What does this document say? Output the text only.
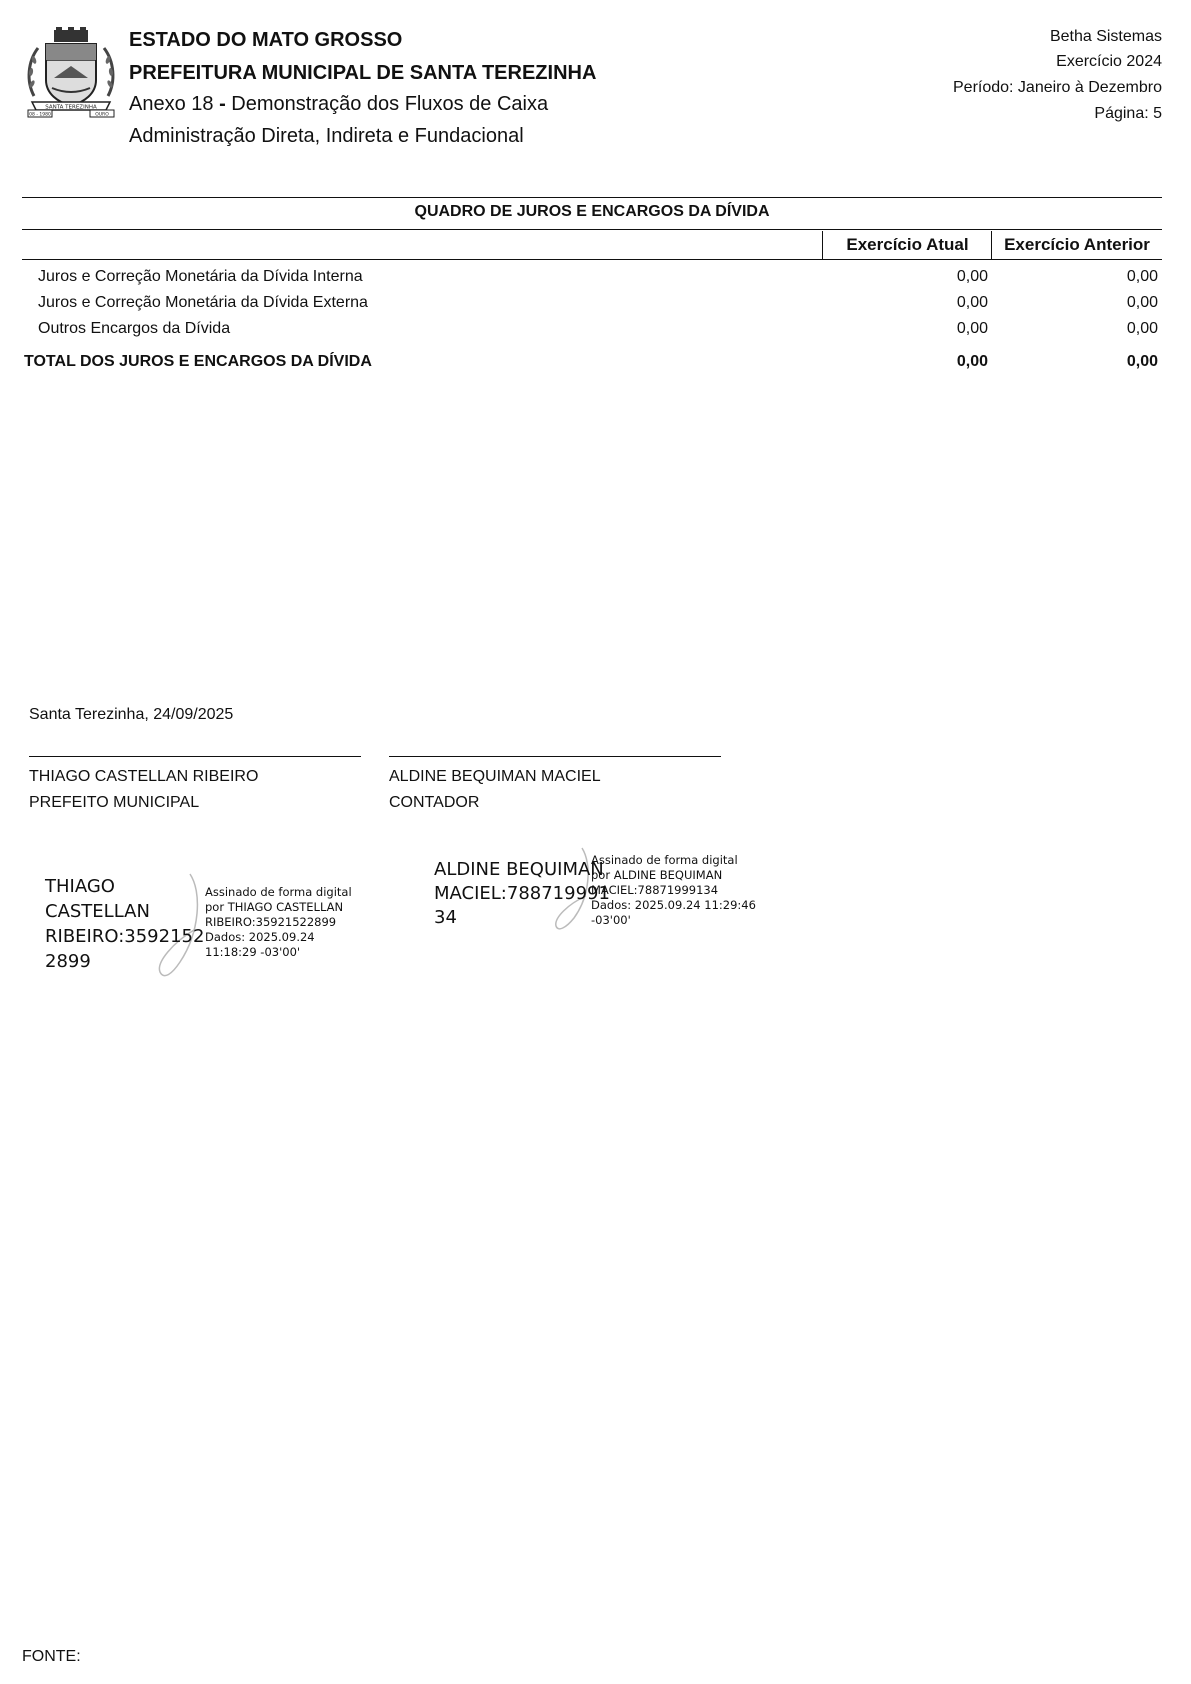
SANTA TEREZINHA
08 - 1980	OURO
ESTADO DO MATO GROSSO
PREFEITURA MUNICIPAL DE SANTA TEREZINHA
Anexo 18 - Demonstração dos Fluxos de Caixa
Administração Direta, Indireta e Fundacional
Betha Sistemas
Exercício 2024
Período: Janeiro à Dezembro
Página: 5
QUADRO DE JUROS E ENCARGOS DA DÍVIDA
Exercício Atual	Exercício Anterior
Juros e Correção Monetária da Dívida Interna	0,00	0,00
Juros e Correção Monetária da Dívida Externa	0,00	0,00
Outros Encargos da Dívida	0,00	0,00
TOTAL DOS JUROS E ENCARGOS DA DÍVIDA	0,00	0,00
Santa Terezinha, 24/09/2025
THIAGO CASTELLAN RIBEIRO
PREFEITO MUNICIPAL
ALDINE BEQUIMAN MACIEL
CONTADOR
THIAGO
CASTELLAN
RIBEIRO:3592152
2899
Assinado de forma digital
por THIAGO CASTELLAN
RIBEIRO:35921522899
Dados: 2025.09.24
11:18:29 -03'00'
ALDINE BEQUIMAN
MACIEL:788719991
34
Assinado de forma digital
por ALDINE BEQUIMAN
MACIEL:78871999134
Dados: 2025.09.24 11:29:46
-03'00'
FONTE:
